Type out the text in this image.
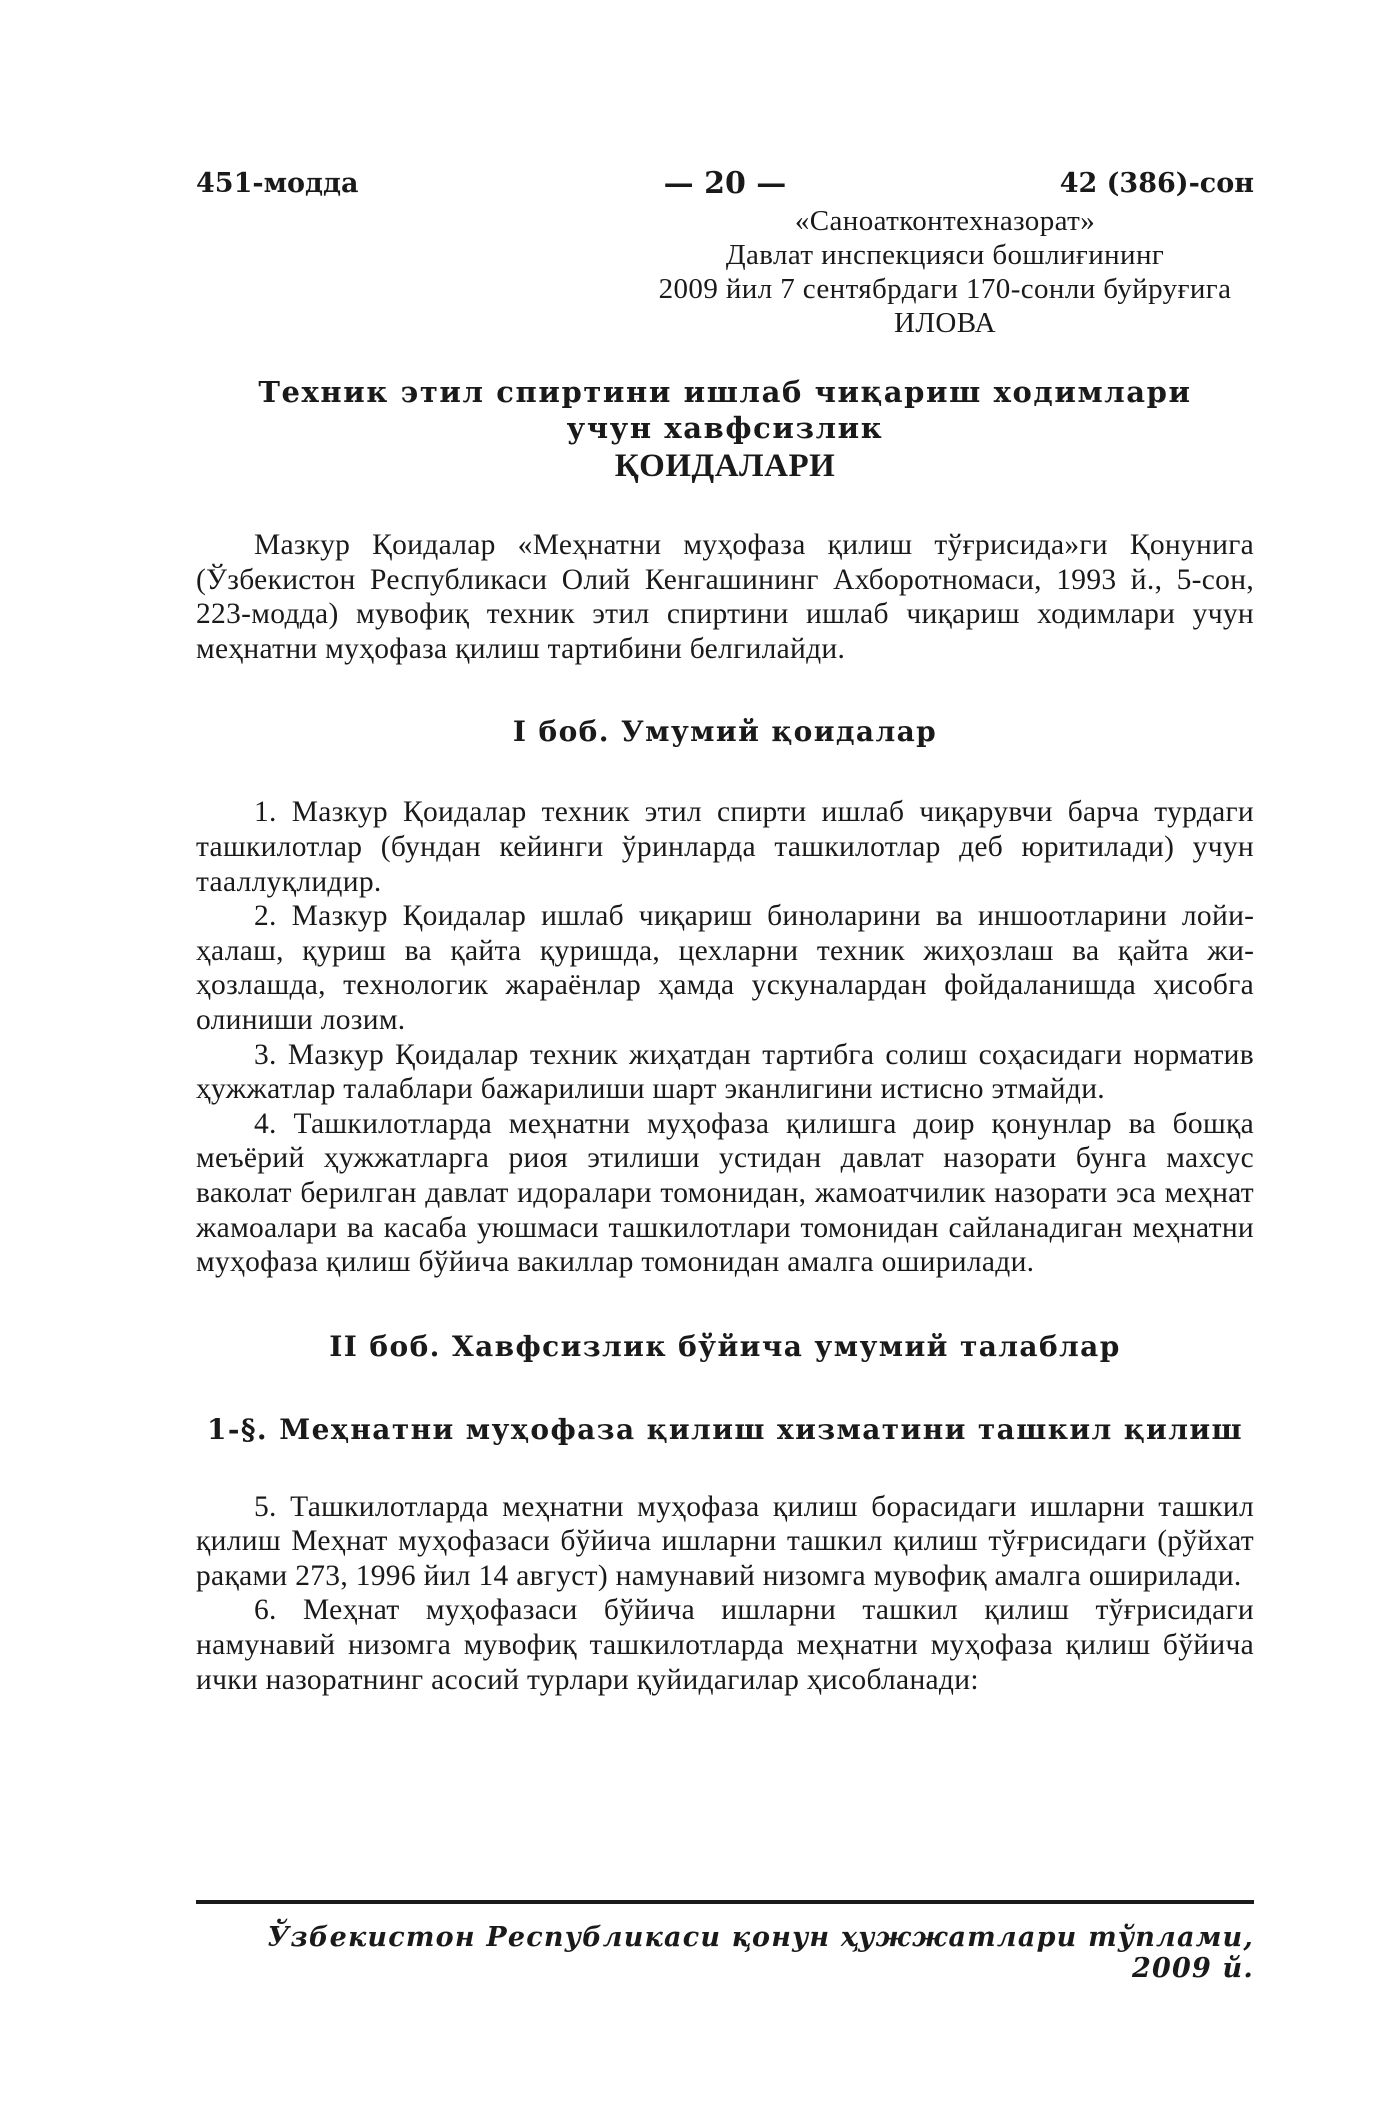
451-модда	— 20 —	42 (386)-сон
«Саноатконтехназорат»
Давлат инспекцияси бошлиғининг
2009 йил 7 сентябрдаги 170-сонли буйруғига
ИЛОВА
Техник этил спиртини ишлаб чиқариш ходимлари
учун хавфсизлик
ҚОИДАЛАРИ

Мазкур Қоидалар «Меҳнатни муҳофаза қилиш тўғрисида»ги Қонунига (Ўзбекистон Республикаси Олий Кенгашининг Ахборотномаси, 1993 й., 5-сон, 223-модда) мувофиқ техник этил спиртини ишлаб чиқариш ходимлари учун меҳнатни муҳофаза қилиш тартибини белгилайди.

I боб. Умумий қоидалар

1. Мазкур Қоидалар техник этил спирти ишлаб чиқарувчи барча турдаги ташкилотлар (бундан кейинги ўринларда ташкилотлар деб юритилади) учун тааллуқлидир.

2. Мазкур Қоидалар ишлаб чиқариш биноларини ва иншоотларини лойиҳалаш, қуриш ва қайта қуришда, цехларни техник жиҳозлаш ва қайта жиҳозлашда, технологик жараёнлар ҳамда ускуналардан фойдаланишда ҳисобга олиниши лозим.

3. Мазкур Қоидалар техник жиҳатдан тартибга солиш соҳасидаги норматив ҳужжатлар талаблари бажарилиши шарт эканлигини истисно этмайди.

4. Ташкилотларда меҳнатни муҳофаза қилишга доир қонунлар ва бошқа меъёрий ҳужжатларга риоя этилиши устидан давлат назорати бунга махсус ваколат берилган давлат идоралари томонидан, жамоатчилик назорати эса меҳнат жамоалари ва касаба уюшмаси ташкилотлари томонидан сайланадиган меҳнатни муҳофаза қилиш бўйича вакиллар томонидан амалга оширилади.

II боб. Хавфсизлик бўйича умумий талаблар
1-§. Меҳнатни муҳофаза қилиш хизматини ташкил қилиш

5. Ташкилотларда меҳнатни муҳофаза қилиш борасидаги ишларни ташкил қилиш Меҳнат муҳофазаси бўйича ишларни ташкил қилиш тўғрисидаги (рўйхат рақами 273, 1996 йил 14 август) намунавий низомга мувофиқ амалга оширилади.

6. Меҳнат муҳофазаси бўйича ишларни ташкил қилиш тўғрисидаги намунавий низомга мувофиқ ташкилотларда меҳнатни муҳофаза қилиш бўйича ички назоратнинг асосий турлари қуйидагилар ҳисобланади:

Ўзбекистон Республикаси қонун ҳужжатлари тўплами, 2009 й.
